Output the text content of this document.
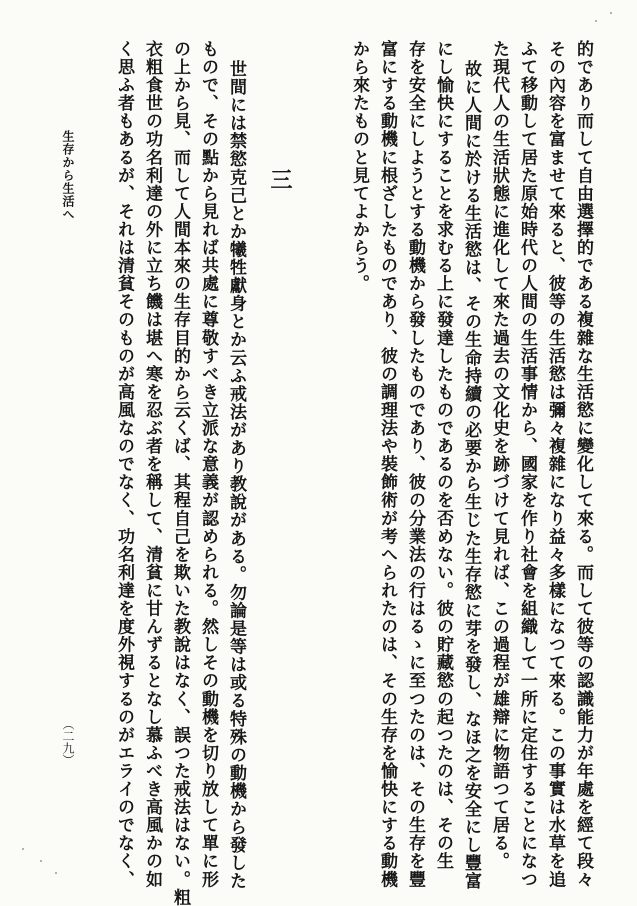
的であり而して自由選擇的である複雜な生活慾に變化して來る。而して彼等の認識能力が年處を經て段々
その內容を富ませて來ると、彼等の生活慾は彌々複雜になり益々多樣になつて來る。この事實は水草を追
ふて移動して居た原始時代の人間の生活事情から、國家を作り社會を組織して一所に定住することになつ
た現代人の生活狀態に進化して來た過去の文化史を跡づけて見れば、この過程が雄辯に物語つて居る。
故に人間に於ける生活慾は、その生命持續の必要から生じた生存慾に芽を發し、なほ之を安全にし豐富
にし愉快にすることを求むる上に發達したものであるのを否めない。彼の貯藏慾の起つたのは、その生
存を安全にしようとする動機から發したものであり、彼の分業法の行はるゝに至つたのは、その生存を豐
富にする動機に根ざしたものであり、彼の調理法や裝飾術が考へられたのは、その生存を愉快にする動機
から來たものと見てよからう。
三
世間には禁慾克己とか犧牲獻身とか云ふ戒法があり教說がある。勿論是等は或る特殊の動機から發した
もので、その點から見れば共處に尊敬すべき立派な意義が認められる。然しその動機を切り放して單に形
の上から見、而して人間本來の生存目的から云くば、其程自己を欺いた教說はなく、誤つた戒法はない。粗
衣粗食世の功名利達の外に立ち饑は堪へ寒を忍ぶ者を稱して、清貧に甘んずるとなし慕ふべき高風かの如
く思ふ者もあるが、それは清貧そのものが高風なのでなく、功名利達を度外視するのがエライのでなく、
生存から生活へ
（二九）
